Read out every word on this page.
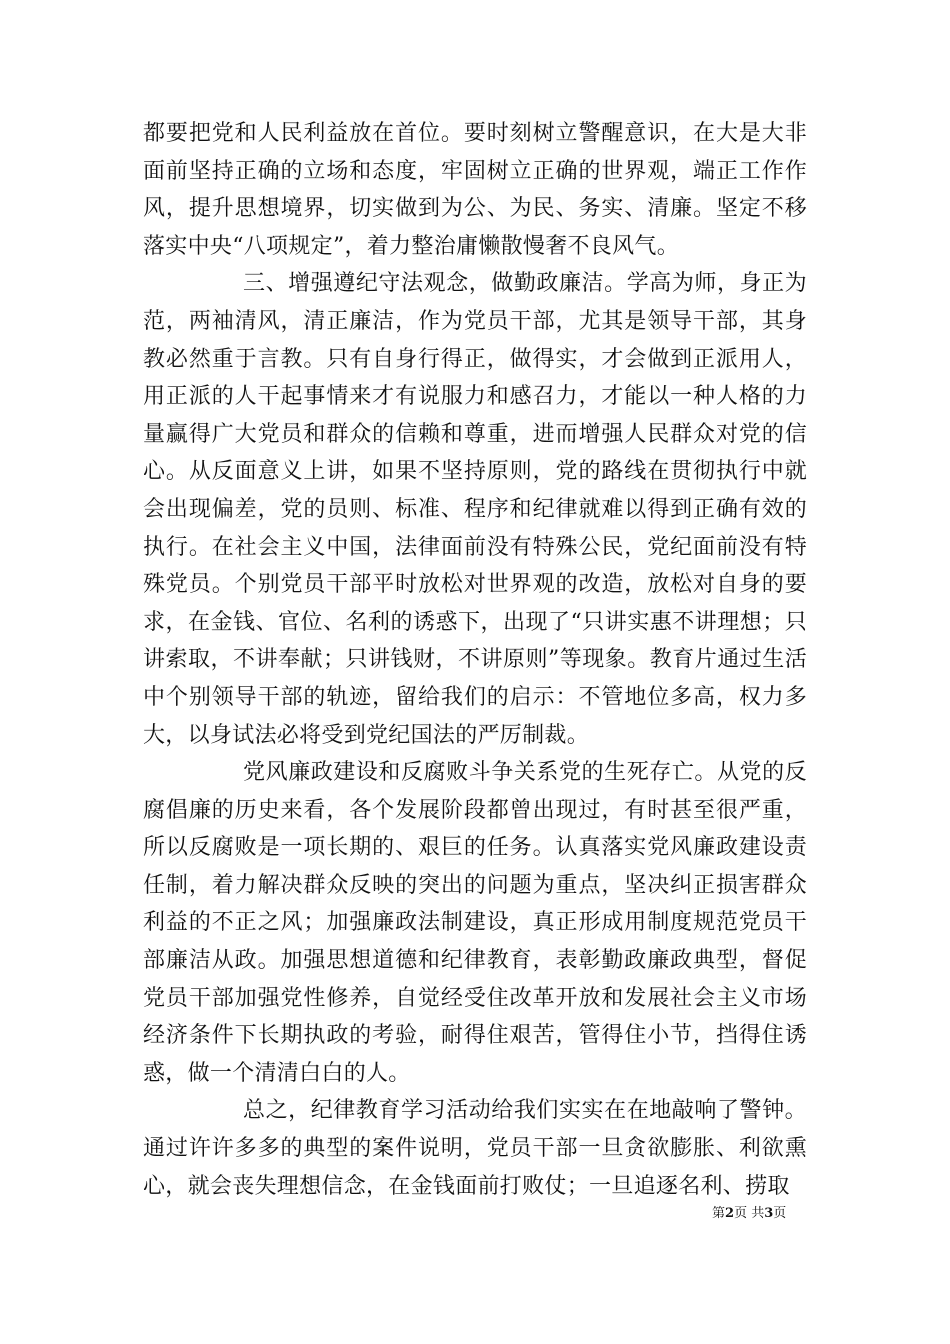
都要把党和人民利益放在首位。要时刻树立警醒意识，在大是大非面前坚持正确的立场和态度，牢固树立正确的世界观，端正工作作风，提升思想境界，切实做到为公、为民、务实、清廉。坚定不移落实中央“八项规定”，着力整治庸懒散慢奢不良风气。

三、增强遵纪守法观念，做勤政廉洁。学高为师，身正为范，两袖清风，清正廉洁，作为党员干部，尤其是领导干部，其身教必然重于言教。只有自身行得正，做得实，才会做到正派用人，用正派的人干起事情来才有说服力和感召力，才能以一种人格的力量赢得广大党员和群众的信赖和尊重，进而增强人民群众对党的信心。从反面意义上讲，如果不坚持原则，党的路线在贯彻执行中就会出现偏差，党的员则、标准、程序和纪律就难以得到正确有效的执行。在社会主义中国，法律面前没有特殊公民，党纪面前没有特殊党员。个别党员干部平时放松对世界观的改造，放松对自身的要求，在金钱、官位、名利的诱惑下，出现了“只讲实惠不讲理想；只讲索取，不讲奉献；只讲钱财，不讲原则”等现象。教育片通过生活中个别领导干部的轨迹，留给我们的启示：不管地位多高，权力多大，以身试法必将受到党纪国法的严厉制裁。

党风廉政建设和反腐败斗争关系党的生死存亡。从党的反腐倡廉的历史来看，各个发展阶段都曾出现过，有时甚至很严重，所以反腐败是一项长期的、艰巨的任务。认真落实党风廉政建设责任制，着力解决群众反映的突出的问题为重点，坚决纠正损害群众利益的不正之风；加强廉政法制建设，真正形成用制度规范党员干部廉洁从政。加强思想道德和纪律教育，表彰勤政廉政典型，督促党员干部加强党性修养，自觉经受住改革开放和发展社会主义市场经济条件下长期执政的考验，耐得住艰苦，管得住小节，挡得住诱惑，做一个清清白白的人。

总之，纪律教育学习活动给我们实实在在地敲响了警钟。通过许许多多的典型的案件说明，党员干部一旦贪欲膨胀、利欲熏心，就会丧失理想信念，在金钱面前打败仗；一旦追逐名利、捞取

第2页 共3页
